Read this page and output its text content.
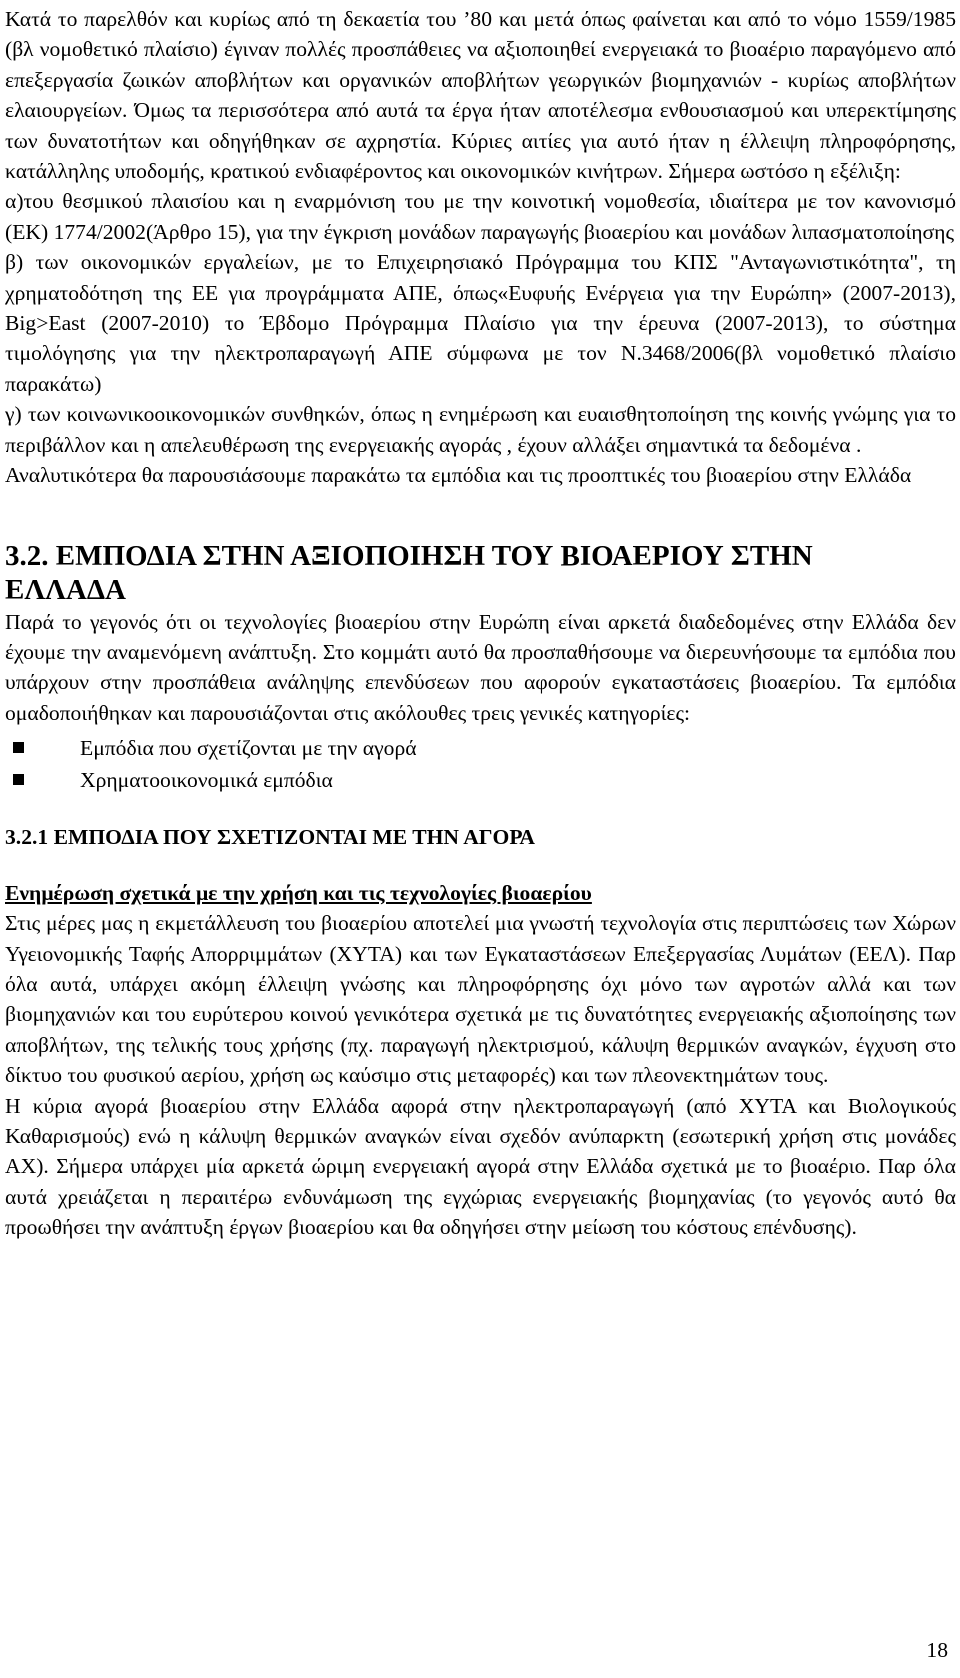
Κατά το παρελθόν και κυρίως από τη δεκαετία του ’80 και μετά όπως φαίνεται και από το νόμο 1559/1985 (βλ νομοθετικό πλαίσιο) έγιναν πολλές προσπάθειες να αξιοποιηθεί ενεργειακά το βιοαέριο παραγόμενο από επεξεργασία ζωικών αποβλήτων και οργανικών αποβλήτων γεωργικών βιομηχανιών - κυρίως αποβλήτων ελαιουργείων. Όμως τα περισσότερα από αυτά τα έργα ήταν αποτέλεσμα ενθουσιασμού και υπερεκτίμησης των δυνατοτήτων και οδηγήθηκαν σε αχρηστία. Κύριες αιτίες για αυτό ήταν η έλλειψη πληροφόρησης, κατάλληλης υποδομής, κρατικού ενδιαφέροντος και οικονομικών κινήτρων. Σήμερα ωστόσο η εξέλιξη:

α)του θεσμικού πλαισίου και η εναρμόνιση του με την κοινοτική νομοθεσία, ιδιαίτερα με τον κανονισμό (ΕΚ) 1774/2002(Άρθρο 15), για την έγκριση μονάδων παραγωγής βιοαερίου και μονάδων λιπασματοποίησης

β) των οικονομικών εργαλείων, με το Επιχειρησιακό Πρόγραμμα του ΚΠΣ "Ανταγωνιστικότητα", τη χρηματοδότηση της ΕΕ για προγράμματα ΑΠΕ, όπως«Ευφυής Ενέργεια για την Ευρώπη» (2007-2013), Big>East (2007-2010) το Έβδομο Πρόγραμμα Πλαίσιο για την έρευνα (2007-2013), το σύστημα τιμολόγησης για την ηλεκτροπαραγωγή ΑΠΕ σύμφωνα με τον Ν.3468/2006(βλ νομοθετικό πλαίσιο παρακάτω)

γ) των κοινωνικοοικονομικών συνθηκών, όπως η ενημέρωση και ευαισθητοποίηση της κοινής γνώμης για το περιβάλλον και η απελευθέρωση της ενεργειακής αγοράς , έχουν αλλάξει σημαντικά τα δεδομένα .

Αναλυτικότερα θα παρουσιάσουμε παρακάτω τα εμπόδια και τις προοπτικές του βιοαερίου στην Ελλάδα

3.2. ΕΜΠΟΔΙΑ ΣΤΗΝ ΑΞΙΟΠΟΙΗΣΗ ΤΟΥ ΒΙΟΑΕΡΙΟΥ ΣΤΗΝ
ΕΛΛΑΔΑ

Παρά το γεγονός ότι οι τεχνολογίες βιοαερίου στην Ευρώπη είναι αρκετά διαδεδομένες στην Ελλάδα δεν έχουμε την αναμενόμενη ανάπτυξη. Στο κομμάτι αυτό θα προσπαθήσουμε να διερευνήσουμε τα εμπόδια που υπάρχουν στην προσπάθεια ανάληψης επενδύσεων που αφορούν εγκαταστάσεις βιοαερίου. Τα εμπόδια ομαδοποιήθηκαν και παρουσιάζονται στις ακόλουθες τρεις γενικές κατηγορίες:

Εμπόδια που σχετίζονται με την αγορά
Χρηματοοικονομικά εμπόδια
3.2.1 ΕΜΠΟΔΙΑ ΠΟΥ ΣΧΕΤΙΖΟΝΤΑΙ ΜΕ ΤΗΝ ΑΓΟΡΑ
Ενημέρωση σχετικά με την χρήση και τις τεχνολογίες βιοαερίου

Στις μέρες μας η εκμετάλλευση του βιοαερίου αποτελεί μια γνωστή τεχνολογία στις περιπτώσεις των Χώρων Υγειονομικής Ταφής Απορριμμάτων (ΧΥΤΑ) και των Εγκαταστάσεων Επεξεργασίας Λυμάτων (ΕΕΛ). Παρ όλα αυτά, υπάρχει ακόμη έλλειψη γνώσης και πληροφόρησης όχι μόνο των αγροτών αλλά και των βιομηχανιών και του ευρύτερου κοινού γενικότερα σχετικά με τις δυνατότητες ενεργειακής αξιοποίησης των αποβλήτων, της τελικής τους χρήσης (πχ. παραγωγή ηλεκτρισμού, κάλυψη θερμικών αναγκών, έγχυση στο δίκτυο του φυσικού αερίου, χρήση ως καύσιμο στις μεταφορές) και των πλεονεκτημάτων τους.

Η κύρια αγορά βιοαερίου στην Ελλάδα αφορά στην ηλεκτροπαραγωγή (από ΧΥΤΑ και Βιολογικούς Καθαρισμούς) ενώ η κάλυψη θερμικών αναγκών είναι σχεδόν ανύπαρκτη (εσωτερική χρήση στις μονάδες ΑΧ). Σήμερα υπάρχει μία αρκετά ώριμη ενεργειακή αγορά στην Ελλάδα σχετικά με το βιοαέριο. Παρ όλα αυτά χρειάζεται η περαιτέρω ενδυνάμωση της εγχώριας ενεργειακής βιομηχανίας (το γεγονός αυτό θα προωθήσει την ανάπτυξη έργων βιοαερίου και θα οδηγήσει στην μείωση του κόστους επένδυσης).

18
